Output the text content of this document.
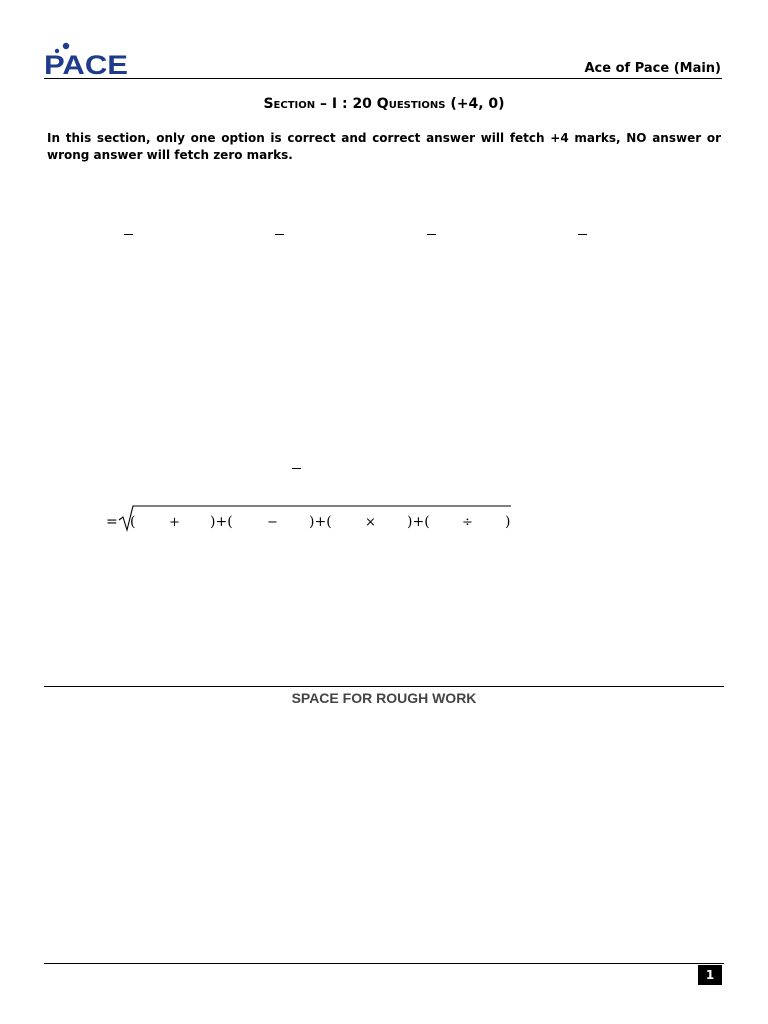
PACE	Ace of Pace (Main)
Section – I : 20 Questions (+4, 0)
In this section, only one option is correct and correct answer will fetch +4 marks, NO answer or wrong answer will fetch zero marks.
= (	+ )+(	− )+(	× )+( ÷ )
SPACE FOR ROUGH WORK
1
